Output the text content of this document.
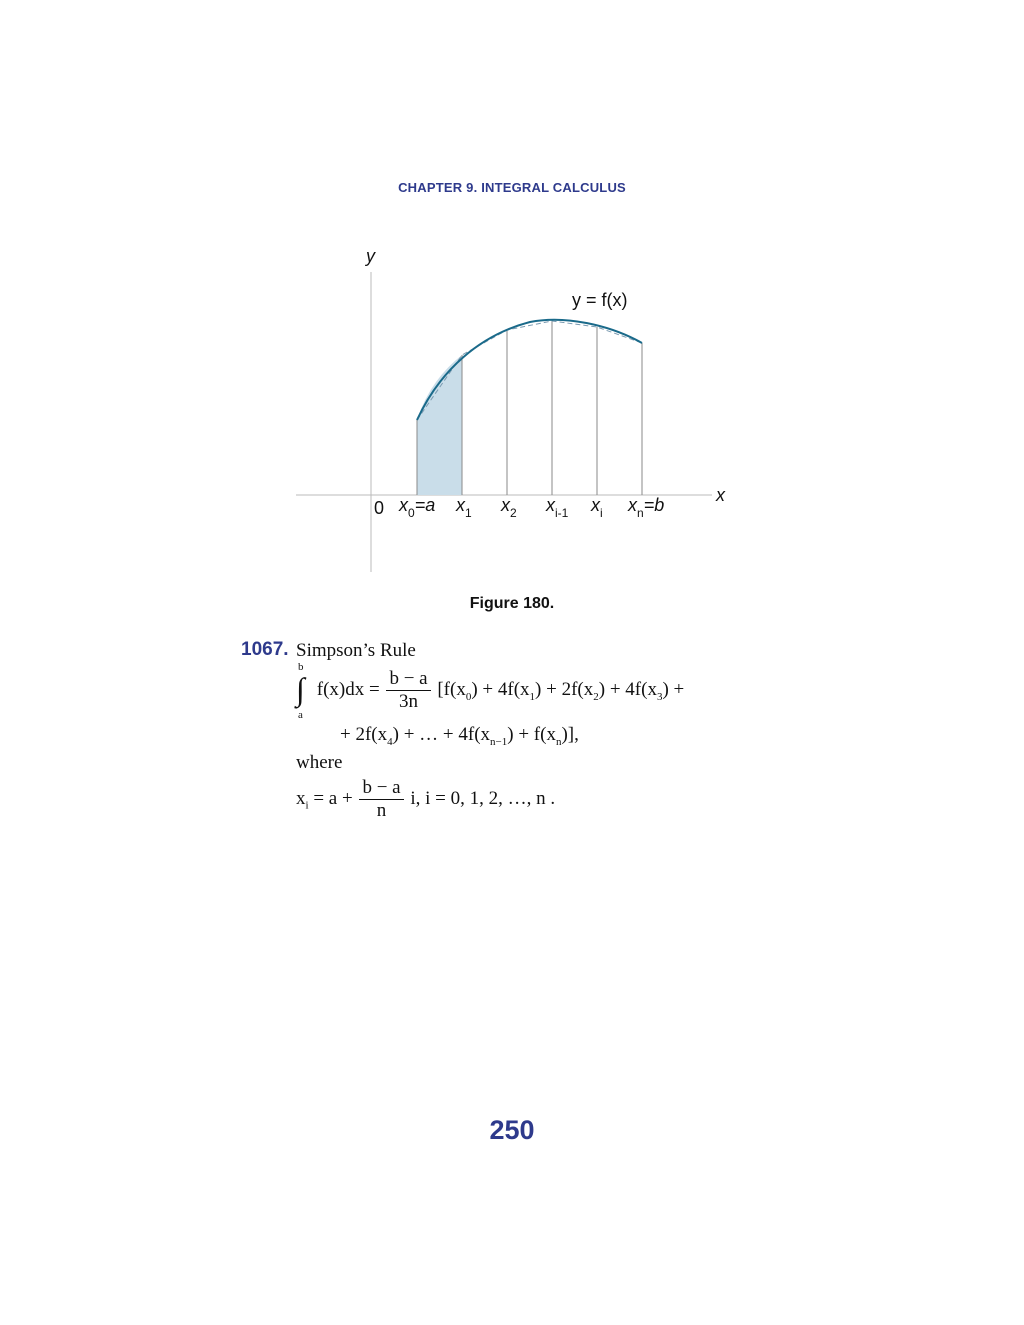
CHAPTER 9. INTEGRAL CALCULUS
y
x
0
y = f(x)
$x_0=a$ $x_1$ $x_2$ $x_{i-1}$ $x_i$ $x_n=b$
Figure 180.
1067. Simpson’s Rule
∫
b
a
$f(x)dx = \frac{b - a}{3n} [f(x_0) + 4f(x_1) + 2f(x_2) + 4f(x_3)$ +
+ $2f(x_4)$ + … + $4f(x_{n-1}) + f(x_n)$],
where
$x_i = a + \frac{b - a}{n} i$, i = 0, 1, 2, …, n .
250
